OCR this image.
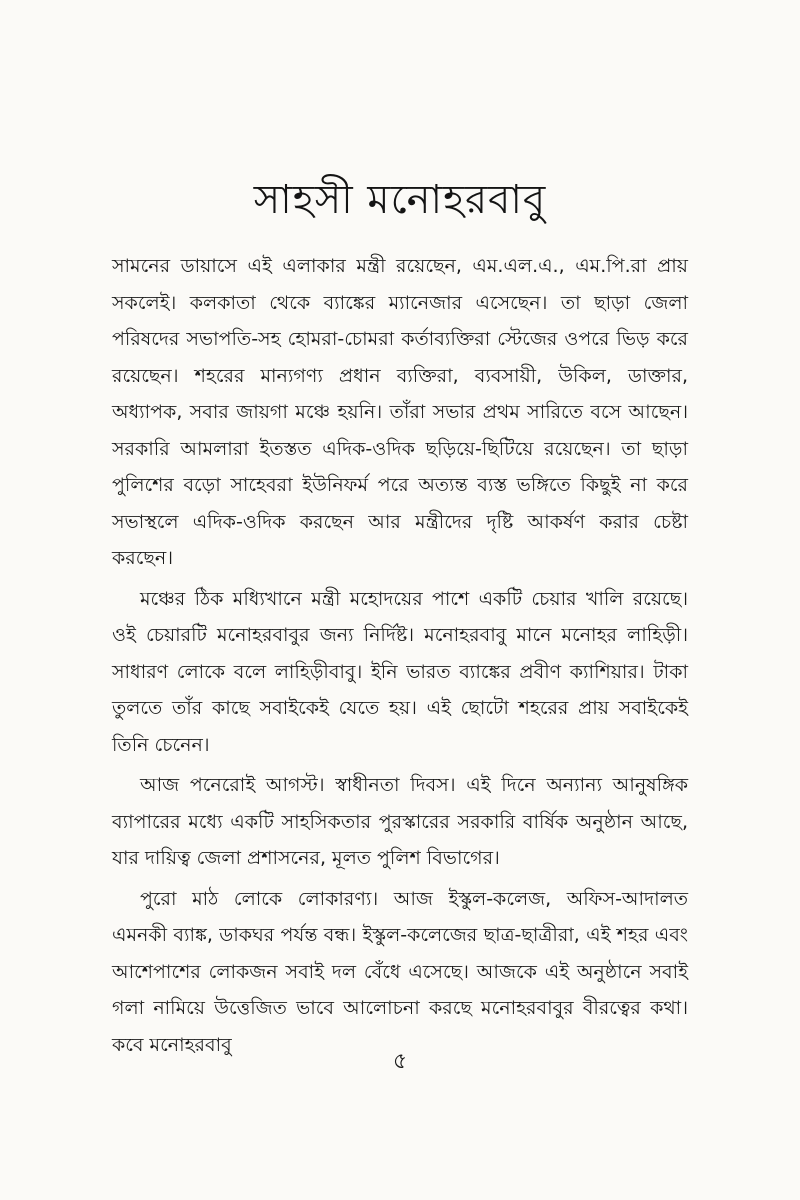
সাহসী মনোহরবাবু

সামনের ডায়াসে এই এলাকার মন্ত্রী রয়েছেন, এম.এল.এ., এম.পি.রা প্রায় সকলেই। কলকাতা থেকে ব্যাঙ্কের ম্যানেজার এসেছেন। তা ছাড়া জেলা পরিষদের সভাপতি-সহ হোমরা-চোমরা কর্তাব্যক্তিরা স্টেজের ওপরে ভিড় করে রয়েছেন। শহরের মান্যগণ্য প্রধান ব্যক্তিরা, ব্যবসায়ী, উকিল, ডাক্তার, অধ্যাপক, সবার জায়গা মঞ্চে হয়নি। তাঁরা সভার প্রথম সারিতে বসে আছেন। সরকারি আমলারা ইতস্তত এদিক-ওদিক ছড়িয়ে-ছিটিয়ে রয়েছেন। তা ছাড়া পুলিশের বড়ো সাহেবরা ইউনিফর্ম পরে অত্যন্ত ব্যস্ত ভঙ্গিতে কিছুই না করে সভাস্থলে এদিক-ওদিক করছেন আর মন্ত্রীদের দৃষ্টি আকর্ষণ করার চেষ্টা করছেন।

মঞ্চের ঠিক মধ্যিখানে মন্ত্রী মহোদয়ের পাশে একটি চেয়ার খালি রয়েছে। ওই চেয়ারটি মনোহরবাবুর জন্য নির্দিষ্ট। মনোহরবাবু মানে মনোহর লাহিড়ী। সাধারণ লোকে বলে লাহিড়ীবাবু। ইনি ভারত ব্যাঙ্কের প্রবীণ ক্যাশিয়ার। টাকা তুলতে তাঁর কাছে সবাইকেই যেতে হয়। এই ছোটো শহরের প্রায় সবাইকেই তিনি চেনেন।

আজ পনেরোই আগস্ট। স্বাধীনতা দিবস। এই দিনে অন্যান্য আনুষঙ্গিক ব্যাপারের মধ্যে একটি সাহসিকতার পুরস্কারের সরকারি বার্ষিক অনুষ্ঠান আছে, যার দায়িত্ব জেলা প্রশাসনের, মূলত পুলিশ বিভাগের।

পুরো মাঠ লোকে লোকারণ্য। আজ ইস্কুল-কলেজ, অফিস-আদালত এমনকী ব্যাঙ্ক, ডাকঘর পর্যন্ত বন্ধ। ইস্কুল-কলেজের ছাত্র-ছাত্রীরা, এই শহর এবং আশেপাশের লোকজন সবাই দল বেঁধে এসেছে। আজকে এই অনুষ্ঠানে সবাই গলা নামিয়ে উত্তেজিত ভাবে আলোচনা করছে মনোহরবাবুর বীরত্বের কথা। কবে মনোহরবাবু

৫
